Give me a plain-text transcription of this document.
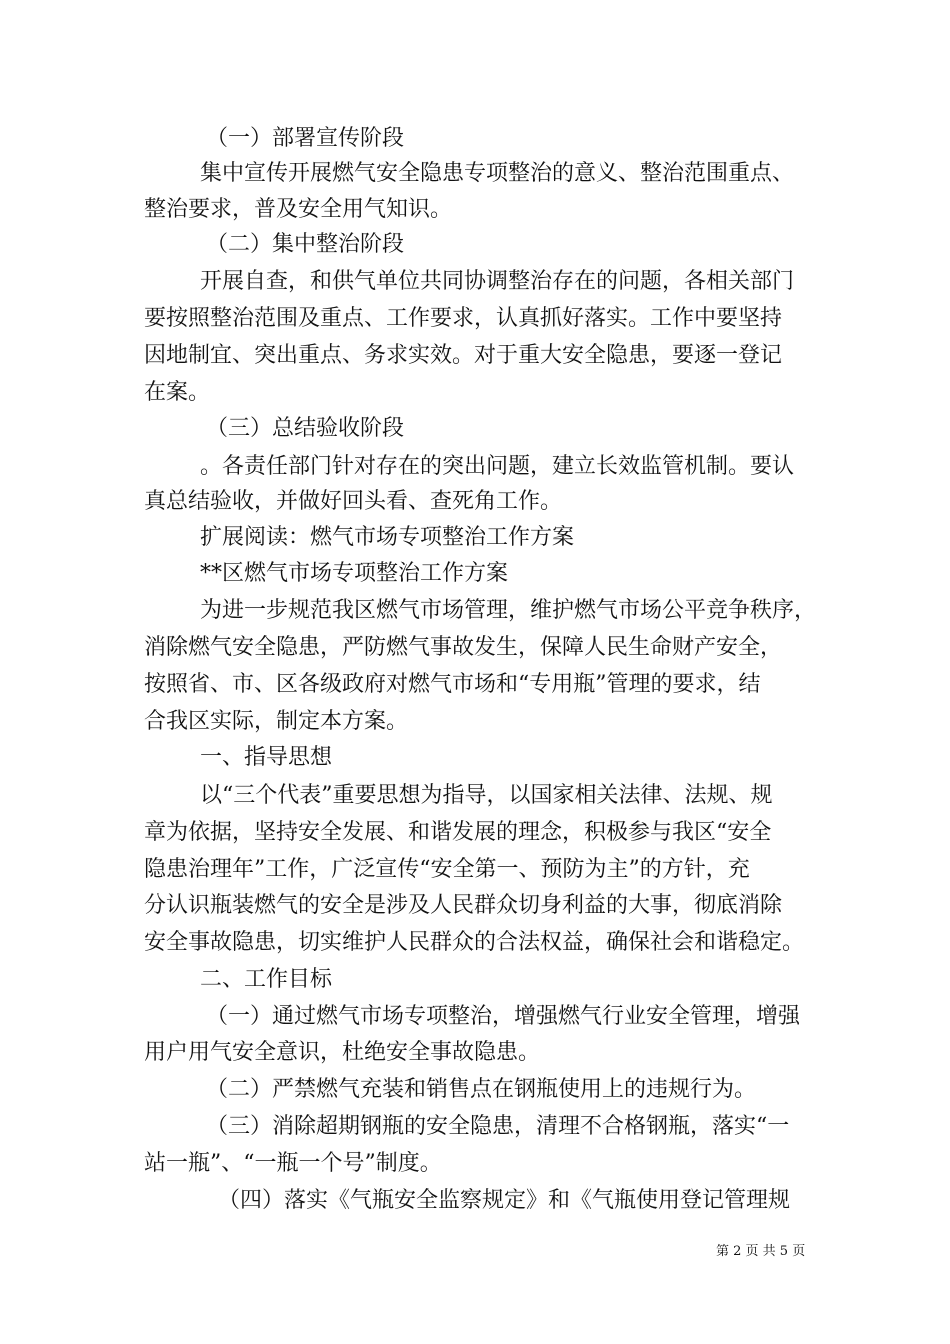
（一）部署宣传阶段
集中宣传开展燃气安全隐患专项整治的意义、整治范围重点、
整治要求，普及安全用气知识。
（二）集中整治阶段
开展自查，和供气单位共同协调整治存在的问题，各相关部门
要按照整治范围及重点、工作要求，认真抓好落实。工作中要坚持
因地制宜、突出重点、务求实效。对于重大安全隐患，要逐一登记
在案。
（三）总结验收阶段
。各责任部门针对存在的突出问题，建立长效监管机制。要认
真总结验收，并做好回头看、查死角工作。
扩展阅读：燃气市场专项整治工作方案
**区燃气市场专项整治工作方案
为进一步规范我区燃气市场管理，维护燃气市场公平竞争秩序，
消除燃气安全隐患，严防燃气事故发生，保障人民生命财产安全，
按照省、市、区各级政府对燃气市场和“专用瓶”管理的要求，结
合我区实际，制定本方案。
一、指导思想
以“三个代表”重要思想为指导，以国家相关法律、法规、规
章为依据，坚持安全发展、和谐发展的理念，积极参与我区“安全
隐患治理年”工作，广泛宣传“安全第一、预防为主”的方针，充
分认识瓶装燃气的安全是涉及人民群众切身利益的大事，彻底消除
安全事故隐患，切实维护人民群众的合法权益，确保社会和谐稳定。
二、工作目标
（一）通过燃气市场专项整治，增强燃气行业安全管理，增强
用户用气安全意识，杜绝安全事故隐患。
（二）严禁燃气充装和销售点在钢瓶使用上的违规行为。
（三）消除超期钢瓶的安全隐患，清理不合格钢瓶，落实“一
站一瓶”、“一瓶一个号”制度。
（四）落实《气瓶安全监察规定》和《气瓶使用登记管理规
第 2 页 共 5 页
